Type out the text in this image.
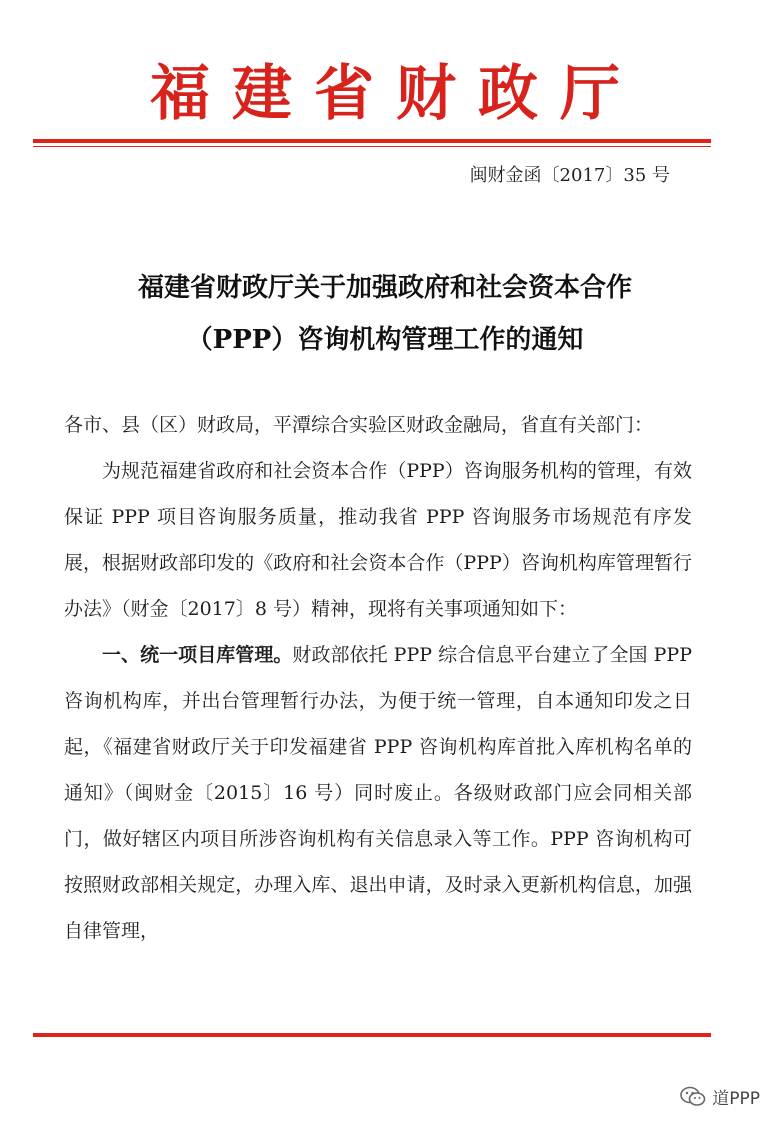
福建省财政厅
闽财金函〔2017〕35 号
福建省财政厅关于加强政府和社会资本合作
（PPP）咨询机构管理工作的通知

各市、县（区）财政局，平潭综合实验区财政金融局，省直有关部门：

为规范福建省政府和社会资本合作（PPP）咨询服务机构的管理，有效保证 PPP 项目咨询服务质量，推动我省 PPP 咨询服务市场规范有序发展，根据财政部印发的《政府和社会资本合作（PPP）咨询机构库管理暂行办法》（财金〔2017〕8 号）精神，现将有关事项通知如下：

一、统一项目库管理。财政部依托 PPP 综合信息平台建立了全国 PPP 咨询机构库，并出台管理暂行办法，为便于统一管理，自本通知印发之日起，《福建省财政厅关于印发福建省 PPP 咨询机构库首批入库机构名单的通知》（闽财金〔2015〕16 号）同时废止。各级财政部门应会同相关部门，做好辖区内项目所涉咨询机构有关信息录入等工作。PPP 咨询机构可按照财政部相关规定，办理入库、退出申请，及时录入更新机构信息，加强自律管理，

道PPP
